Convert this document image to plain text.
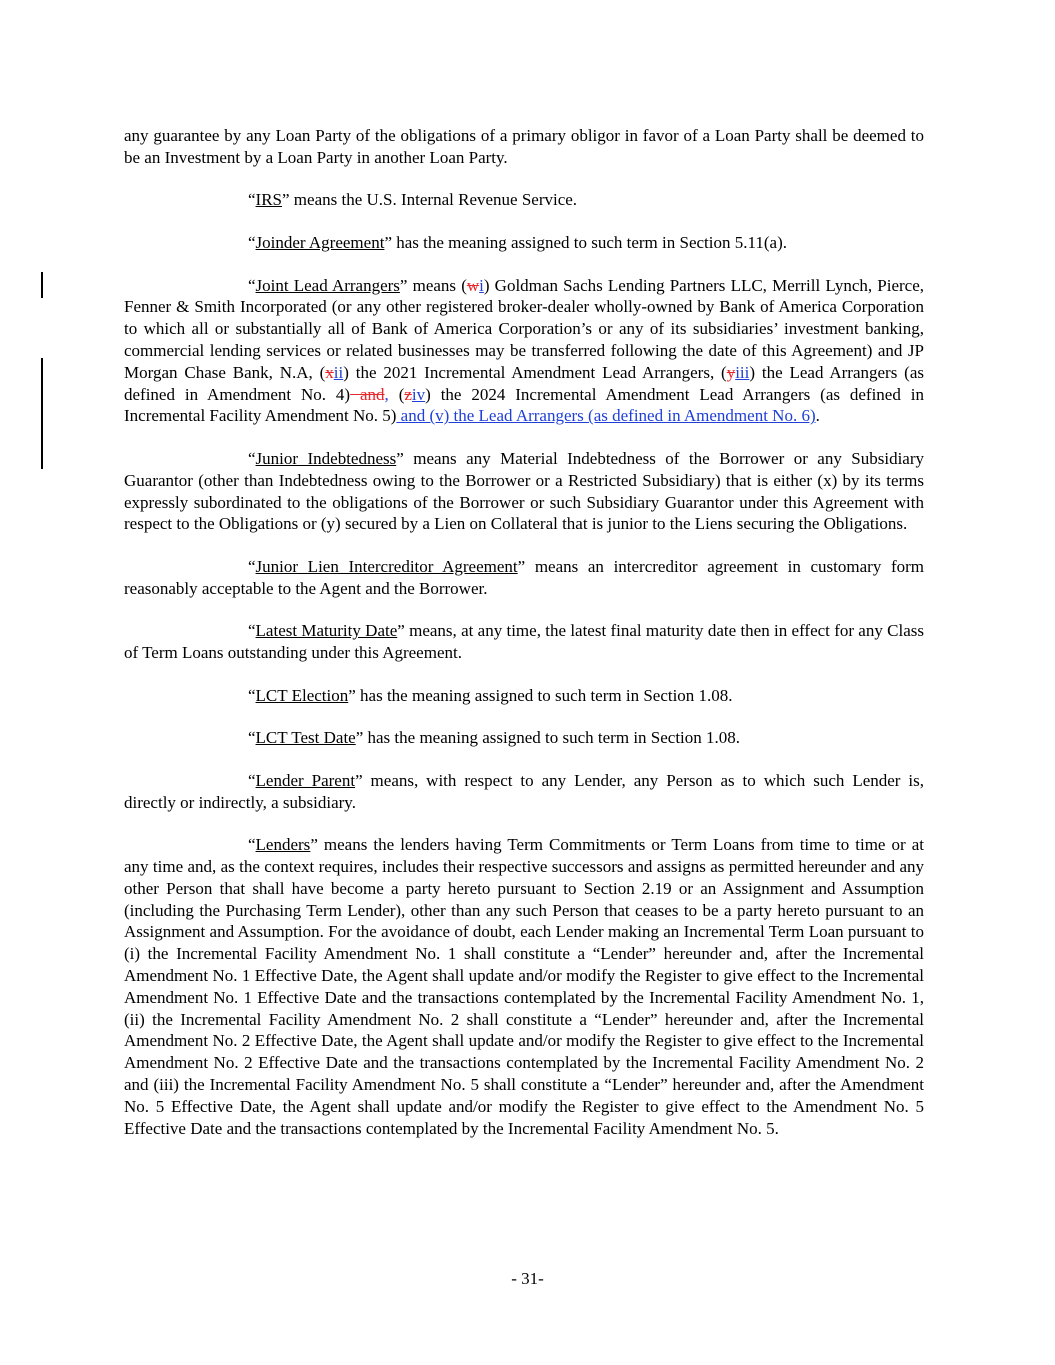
any guarantee by any Loan Party of the obligations of a primary obligor in favor of a Loan Party shall be deemed to be an Investment by a Loan Party in another Loan Party.

“IRS” means the U.S. Internal Revenue Service.

“Joinder Agreement” has the meaning assigned to such term in Section 5.11(a).

“Joint Lead Arrangers” means (wi) Goldman Sachs Lending Partners LLC, Merrill Lynch, Pierce, Fenner & Smith Incorporated (or any other registered broker-dealer wholly-owned by Bank of America Corporation to which all or substantially all of Bank of America Corporation’s or any of its subsidiaries’ investment banking, commercial lending services or related businesses may be transferred following the date of this Agreement) and JP Morgan Chase Bank, N.A, (xii) the 2021 Incremental Amendment Lead Arrangers, (yiii) the Lead Arrangers (as defined in Amendment No. 4) and, (ziv) the 2024 Incremental Amendment Lead Arrangers (as defined in Incremental Facility Amendment No. 5) and (v) the Lead Arrangers (as defined in Amendment No. 6).

“Junior Indebtedness” means any Material Indebtedness of the Borrower or any Subsidiary Guarantor (other than Indebtedness owing to the Borrower or a Restricted Subsidiary) that is either (x) by its terms expressly subordinated to the obligations of the Borrower or such Subsidiary Guarantor under this Agreement with respect to the Obligations or (y) secured by a Lien on Collateral that is junior to the Liens securing the Obligations.

“Junior Lien Intercreditor Agreement” means an intercreditor agreement in customary form reasonably acceptable to the Agent and the Borrower.

“Latest Maturity Date” means, at any time, the latest final maturity date then in effect for any Class of Term Loans outstanding under this Agreement.

“LCT Election” has the meaning assigned to such term in Section 1.08.

“LCT Test Date” has the meaning assigned to such term in Section 1.08.

“Lender Parent” means, with respect to any Lender, any Person as to which such Lender is, directly or indirectly, a subsidiary.

“Lenders” means the lenders having Term Commitments or Term Loans from time to time or at any time and, as the context requires, includes their respective successors and assigns as permitted hereunder and any other Person that shall have become a party hereto pursuant to Section 2.19 or an Assignment and Assumption (including the Purchasing Term Lender), other than any such Person that ceases to be a party hereto pursuant to an Assignment and Assumption. For the avoidance of doubt, each Lender making an Incremental Term Loan pursuant to (i) the Incremental Facility Amendment No. 1 shall constitute a “Lender” hereunder and, after the Incremental Amendment No. 1 Effective Date, the Agent shall update and/or modify the Register to give effect to the Incremental Amendment No. 1 Effective Date and the transactions contemplated by the Incremental Facility Amendment No. 1, (ii) the Incremental Facility Amendment No. 2 shall constitute a “Lender” hereunder and, after the Incremental Amendment No. 2 Effective Date, the Agent shall update and/or modify the Register to give effect to the Incremental Amendment No. 2 Effective Date and the transactions contemplated by the Incremental Facility Amendment No. 2 and (iii) the Incremental Facility Amendment No. 5 shall constitute a “Lender” hereunder and, after the Amendment No. 5 Effective Date, the Agent shall update and/or modify the Register to give effect to the Amendment No. 5 Effective Date and the transactions contemplated by the Incremental Facility Amendment No. 5.

- 31-
